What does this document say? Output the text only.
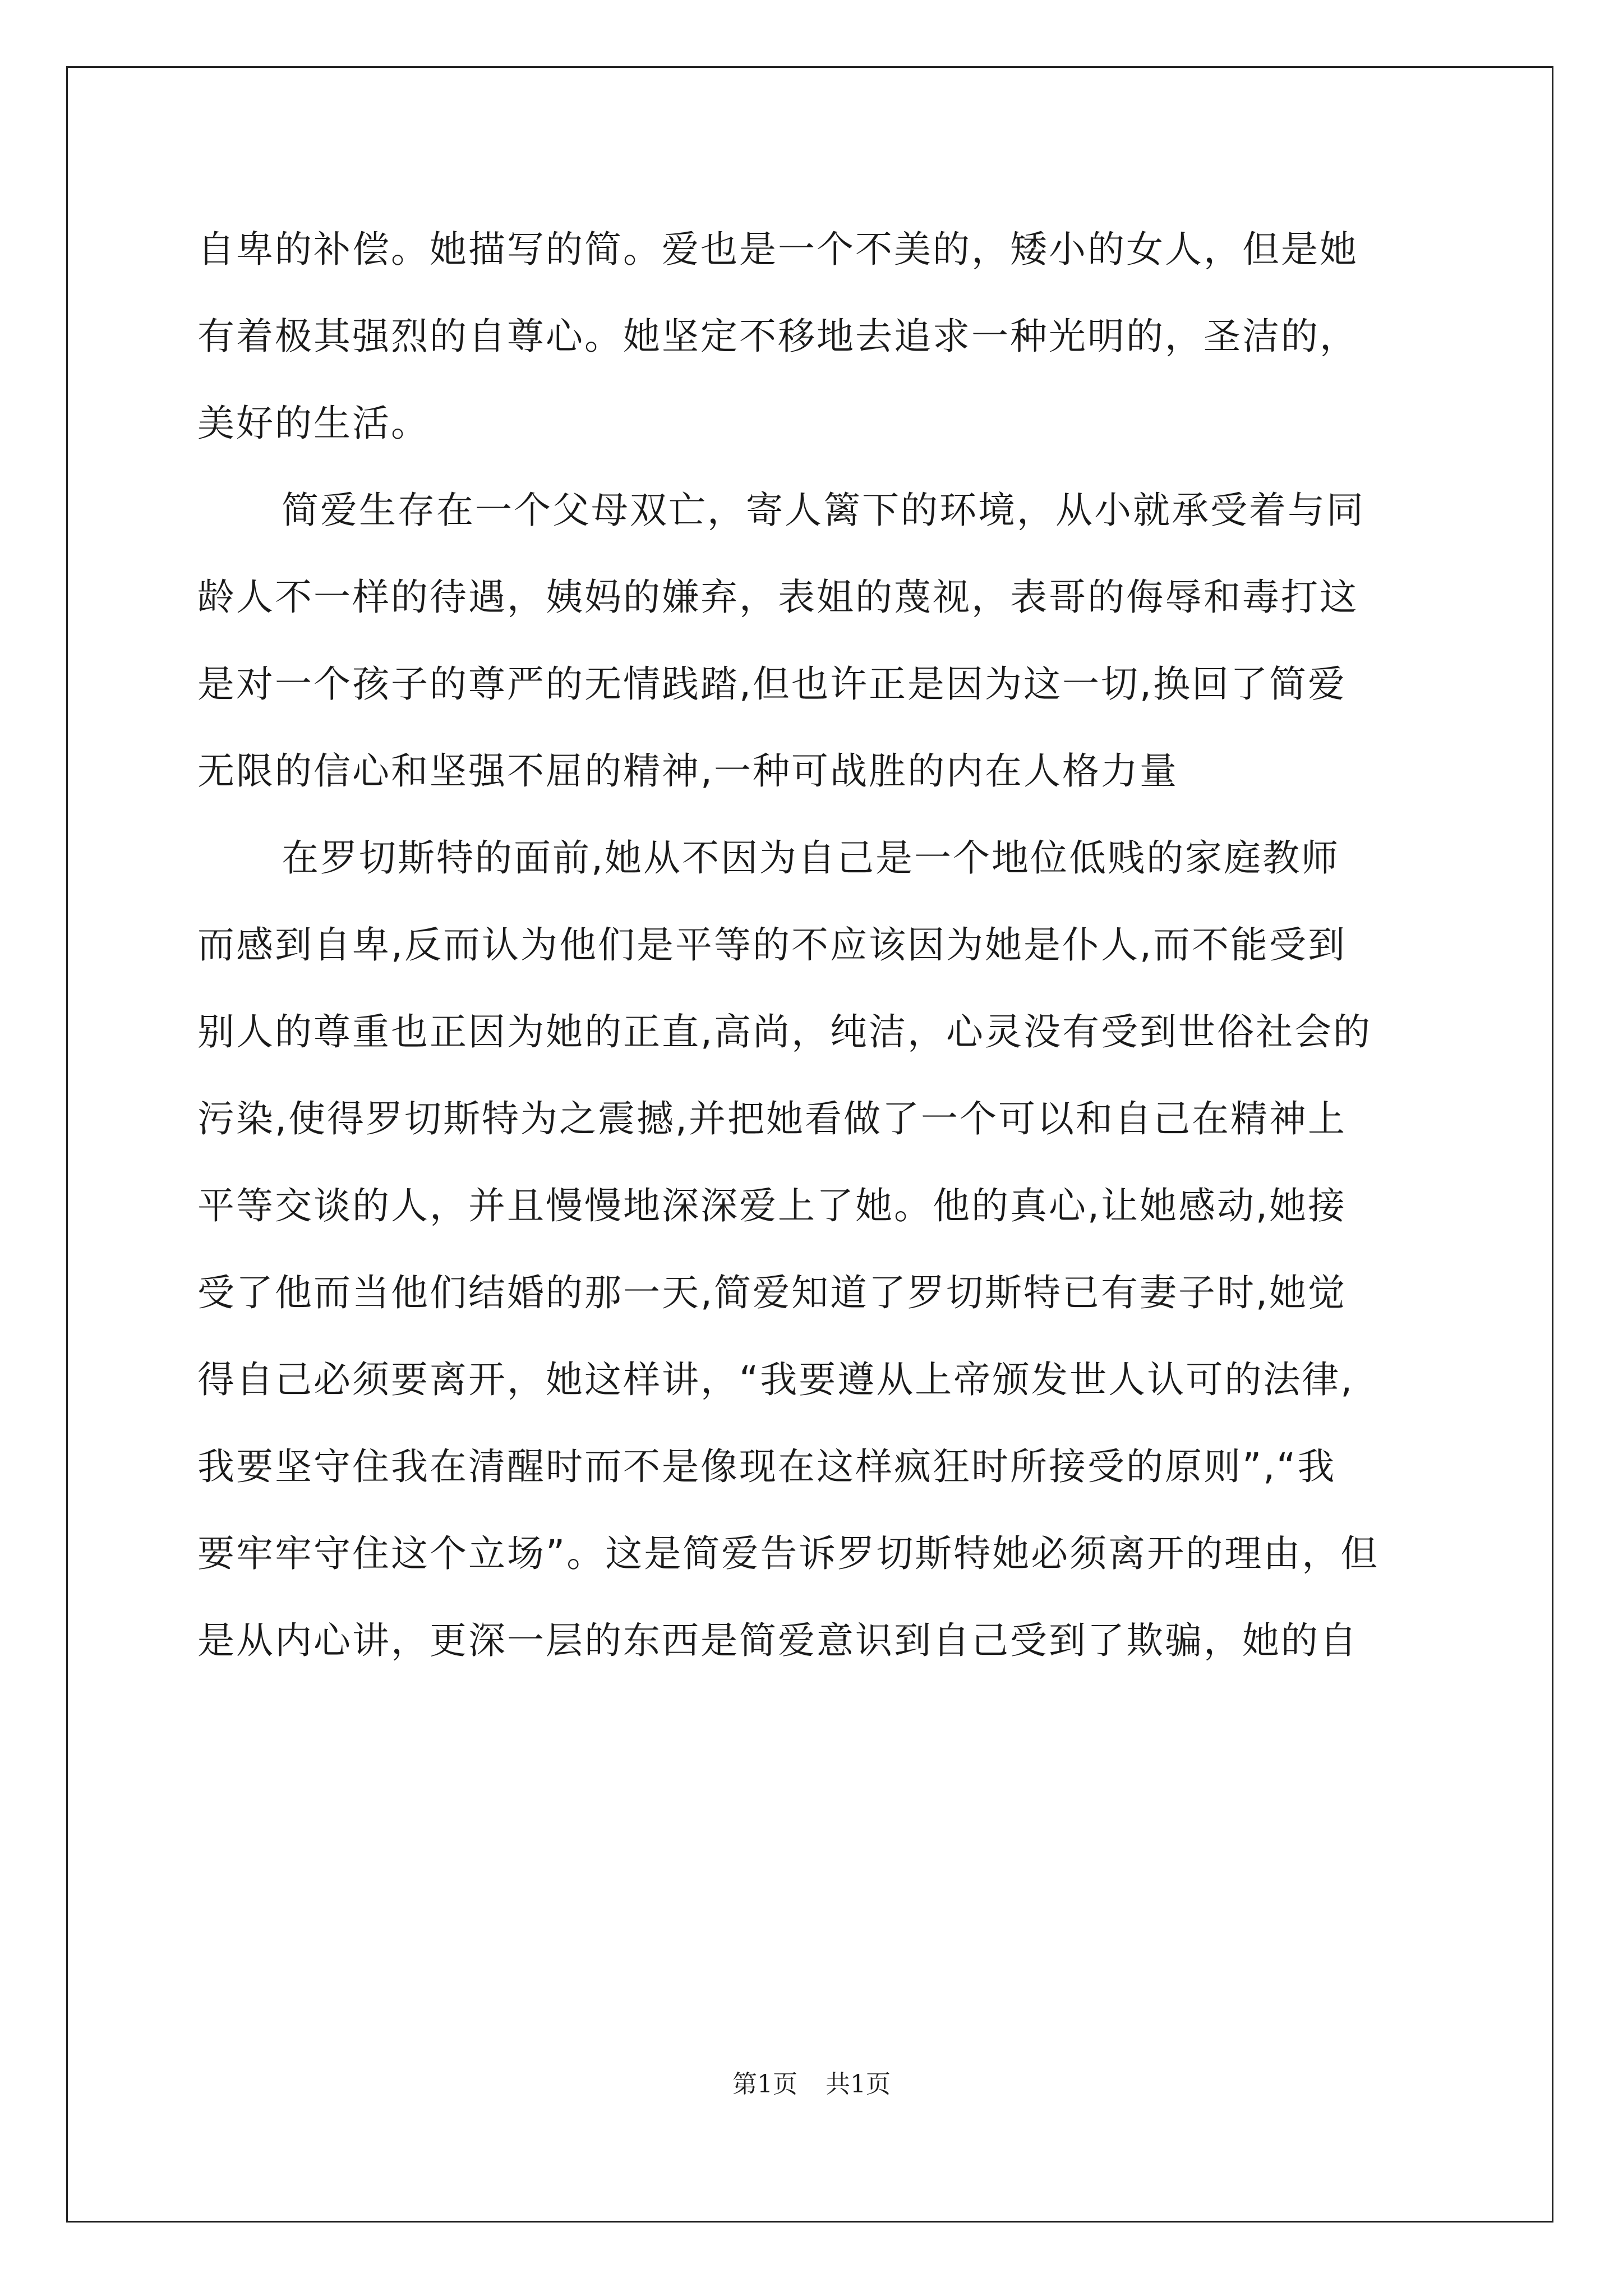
自卑的补偿。她描写的简。爱也是一个不美的，矮小的女人，但是她
有着极其强烈的自尊心。她坚定不移地去追求一种光明的，圣洁的，
美好的生活。
简爱生存在一个父母双亡，寄人篱下的环境，从小就承受着与同
龄人不一样的待遇，姨妈的嫌弃，表姐的蔑视，表哥的侮辱和毒打这
是对一个孩子的尊严的无情践踏,但也许正是因为这一切,换回了简爱
无限的信心和坚强不屈的精神,一种可战胜的内在人格力量
在罗切斯特的面前,她从不因为自己是一个地位低贱的家庭教师
而感到自卑,反而认为他们是平等的不应该因为她是仆人,而不能受到
别人的尊重也正因为她的正直,高尚，纯洁，心灵没有受到世俗社会的
污染,使得罗切斯特为之震撼,并把她看做了一个可以和自己在精神上
平等交谈的人，并且慢慢地深深爱上了她。他的真心,让她感动,她接
受了他而当他们结婚的那一天,简爱知道了罗切斯特已有妻子时,她觉
得自己必须要离开，她这样讲，“我要遵从上帝颁发世人认可的法律,
我要坚守住我在清醒时而不是像现在这样疯狂时所接受的原则”,“我
要牢牢守住这个立场”。这是简爱告诉罗切斯特她必须离开的理由，但
是从内心讲，更深一层的东西是简爱意识到自己受到了欺骗，她的自
第1页 共1页
